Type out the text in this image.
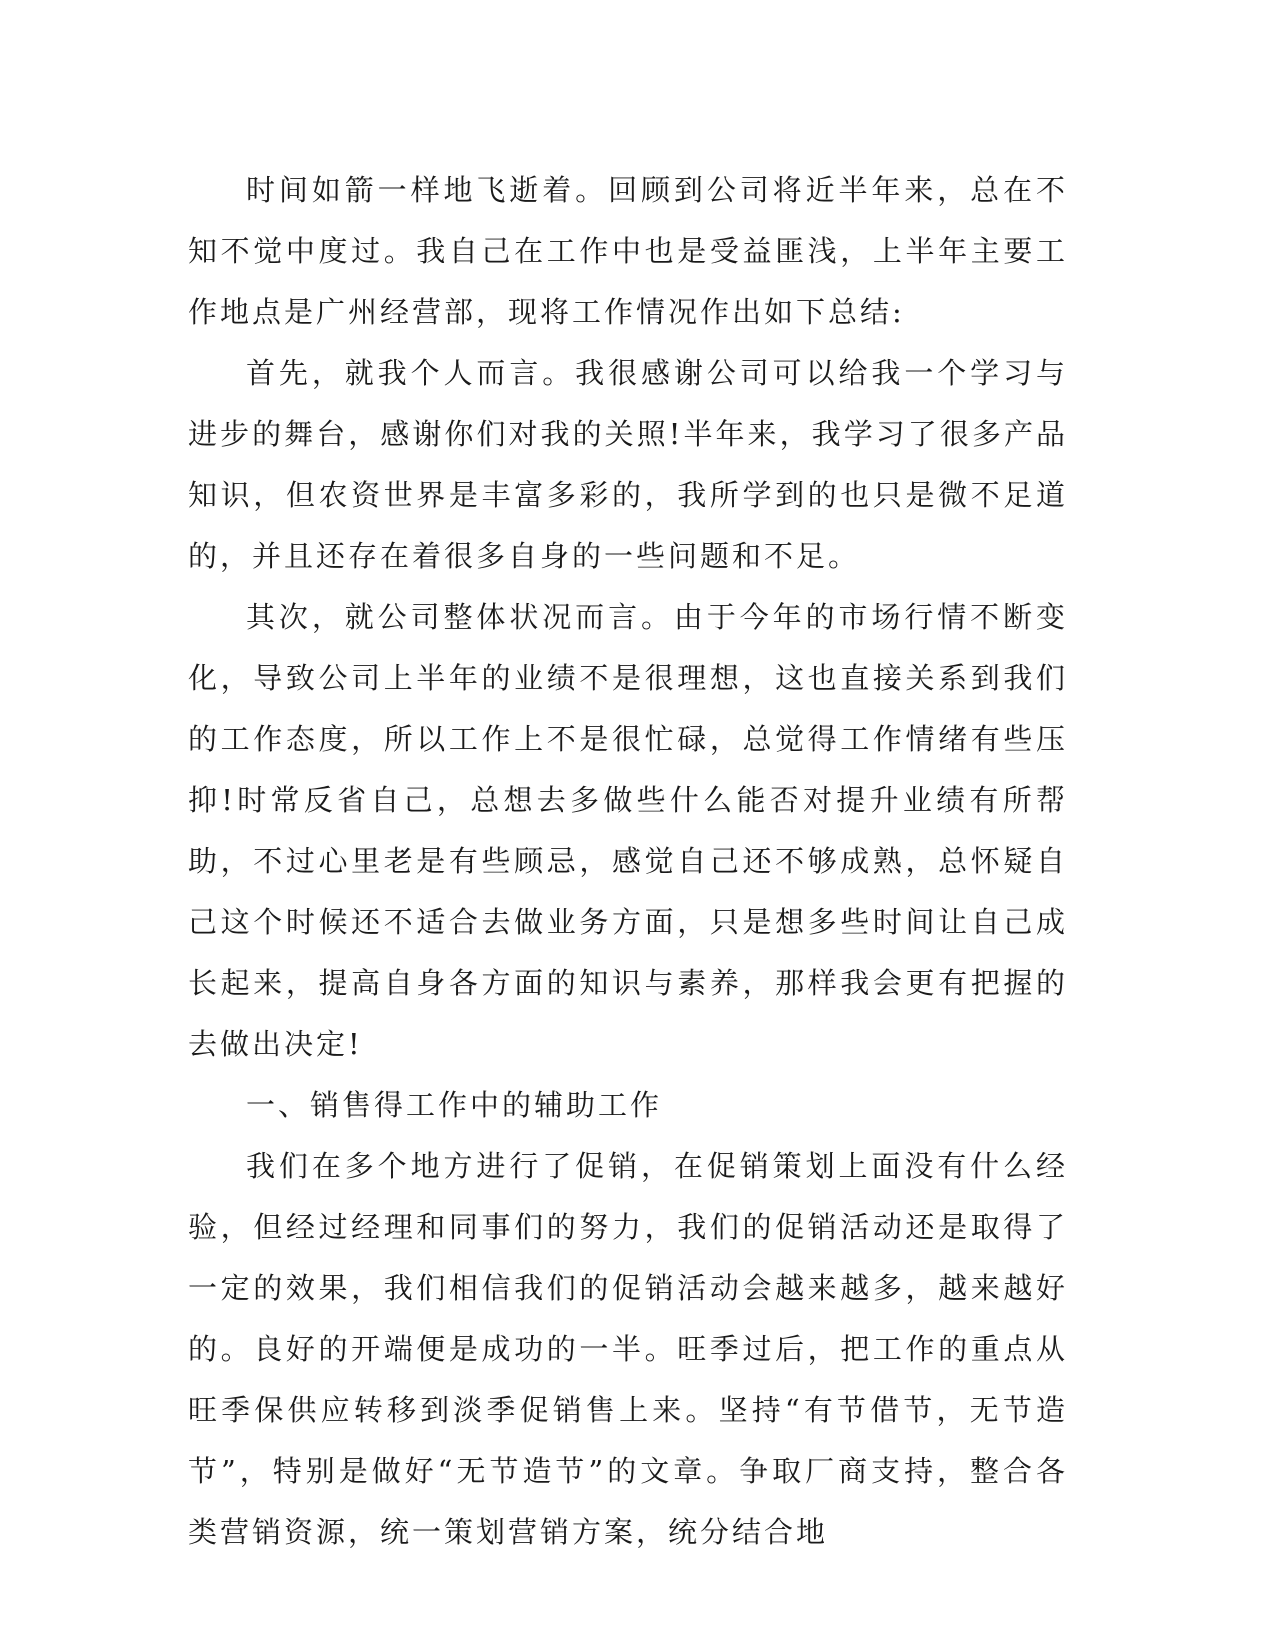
时间如箭一样地飞逝着。回顾到公司将近半年来，总在不知不觉中度过。我自己在工作中也是受益匪浅，上半年主要工作地点是广州经营部，现将工作情况作出如下总结:

首先，就我个人而言。我很感谢公司可以给我一个学习与进步的舞台，感谢你们对我的关照!半年来，我学习了很多产品知识，但农资世界是丰富多彩的，我所学到的也只是微不足道的，并且还存在着很多自身的一些问题和不足。

其次，就公司整体状况而言。由于今年的市场行情不断变化，导致公司上半年的业绩不是很理想，这也直接关系到我们的工作态度，所以工作上不是很忙碌，总觉得工作情绪有些压抑!时常反省自己，总想去多做些什么能否对提升业绩有所帮助，不过心里老是有些顾忌，感觉自己还不够成熟，总怀疑自己这个时候还不适合去做业务方面，只是想多些时间让自己成长起来，提高自身各方面的知识与素养，那样我会更有把握的去做出决定!

一、销售得工作中的辅助工作

我们在多个地方进行了促销，在促销策划上面没有什么经验，但经过经理和同事们的努力，我们的促销活动还是取得了一定的效果，我们相信我们的促销活动会越来越多，越来越好的。良好的开端便是成功的一半。旺季过后，把工作的重点从旺季保供应转移到淡季促销售上来。坚持“有节借节，无节造节”，特别是做好“无节造节”的文章。争取厂商支持，整合各类营销资源，统一策划营销方案，统分结合地
